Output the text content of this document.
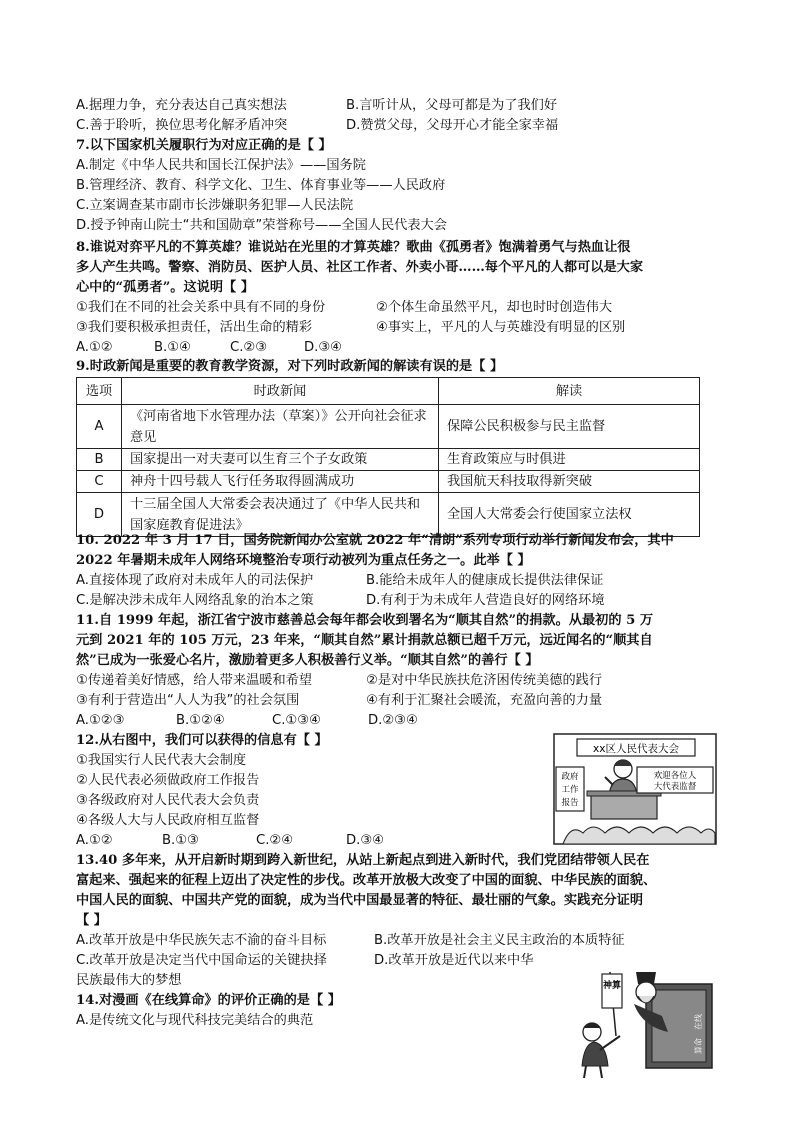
A.据理力争，充分表达自己真实想法	B.言听计从，父母可都是为了我们好
C.善于聆听，换位思考化解矛盾冲突	D.赞赏父母，父母开心才能全家幸福
7.以下国家机关履职行为对应正确的是【 】
A.制定《中华人民共和国长江保护法》——国务院
B.管理经济、教育、科学文化、卫生、体育事业等——人民政府
C.立案调查某市副市长涉嫌职务犯罪—人民法院
D.授予钟南山院士“共和国勋章”荣誉称号——全国人民代表大会
8.谁说对弈平凡的不算英雄？谁说站在光里的才算英雄？歌曲《孤勇者》饱满着勇气与热血让很
多人产生共鸣。警察、消防员、医护人员、社区工作者、外卖小哥……每个平凡的人都可以是大家
心中的“孤勇者”。这说明【 】
①我们在不同的社会关系中具有不同的身份	②个体生命虽然平凡，却也时时创造伟大
③我们要积极承担责任，活出生命的精彩	④事实上，平凡的人与英雄没有明显的区别
A.①②	B.①④	C.②③	D.③④
9.时政新闻是重要的教育教学资源，对下列时政新闻的解读有误的是【 】
选项	时政新闻	解读
A	《河南省地下水管理办法（草案）》公开向社会征求意见	保障公民积极参与民主监督
B	国家提出一对夫妻可以生育三个子女政策	生育政策应与时俱进
C	神舟十四号载人飞行任务取得圆满成功	我国航天科技取得新突破
D	十三届全国人大常委会表决通过了《中华人民共和国家庭教育促进法》	全国人大常委会行使国家立法权
10. 2022 年 3 月 17 日，国务院新闻办公室就 2022 年“清朗”系列专项行动举行新闻发布会，其中
2022 年暑期未成年人网络环境整治专项行动被列为重点任务之一。此举【 】
A.直接体现了政府对未成年人的司法保护	B.能给未成年人的健康成长提供法律保证
C.是解决涉未成年人网络乱象的治本之策	D.有利于为未成年人营造良好的网络环境
11.自 1999 年起，浙江省宁波市慈善总会每年都会收到署名为“顺其自然”的捐款。从最初的 5 万
元到 2021 年的 105 万元，23 年来，“顺其自然”累计捐款总额已超千万元，远近闻名的“顺其自
然”已成为一张爱心名片，激励着更多人积极善行义举。“顺其自然”的善行【 】
①传递着美好情感，给人带来温暖和希望	②是对中华民族扶危济困传统美德的践行
③有利于营造出“人人为我”的社会氛围	④有利于汇聚社会暖流，充盈向善的力量
A.①②③	B.①②④	C.①③④	D.②③④
12.从右图中，我们可以获得的信息有【 】
①我国实行人民代表大会制度
②人民代表必须做政府工作报告
③各级政府对人民代表大会负责
④各级人大与人民政府相互监督
A.①②	B.①③	C.②④	D.③④
xx区人民代表大会
政府
工作
报告
欢迎各位人
大代表监督
13.40 多年来，从开启新时期到跨入新世纪，从站上新起点到进入新时代，我们党团结带领人民在
富起来、强起来的征程上迈出了决定性的步伐。改革开放极大改变了中国的面貌、中华民族的面貌、
中国人民的面貌、中国共产党的面貌，成为当代中国最显著的特征、最壮丽的气象。实践充分证明
【 】
A.改革开放是中华民族矢志不渝的奋斗目标	B.改革开放是社会主义民主政治的本质特征
C.改革开放是决定当代中国命运的关键抉择	D.改革开放是近代以来中华
民族最伟大的梦想
14.对漫画《在线算命》的评价正确的是【 】
A.是传统文化与现代科技完美结合的典范	在线
算命
神算
